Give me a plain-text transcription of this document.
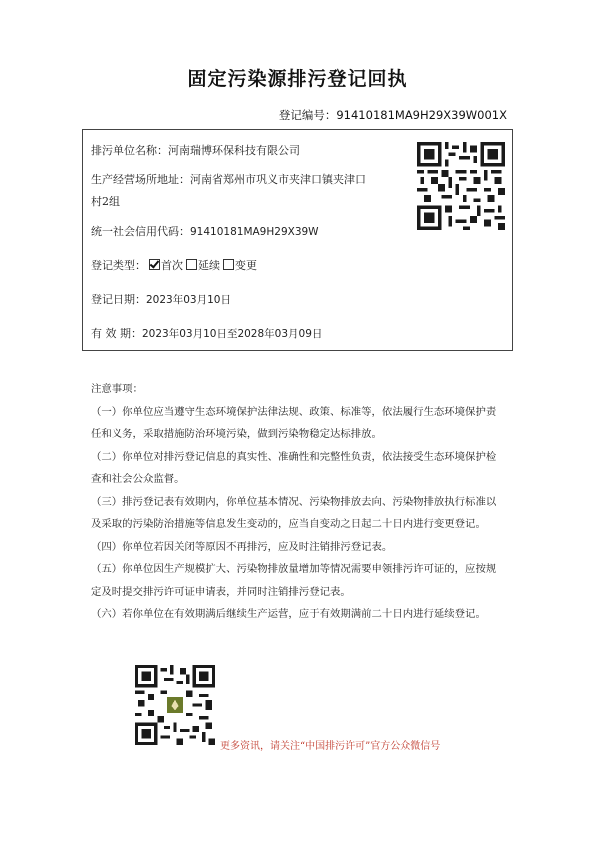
固定污染源排污登记回执
登记编号：91410181MA9H29X39W001X
排污单位名称：河南瑞博环保科技有限公司
生产经营场所地址：河南省郑州市巩义市夹津口镇夹津口
村2组
统一社会信用代码：91410181MA9H29X39W
登记类型： 首次 延续 变更
登记日期：2023年03月10日
有 效 期：2023年03月10日至2028年03月09日

注意事项：

（一）你单位应当遵守生态环境保护法律法规、政策、标准等，依法履行生态环境保护责

任和义务，采取措施防治环境污染，做到污染物稳定达标排放。

（二）你单位对排污登记信息的真实性、准确性和完整性负责，依法接受生态环境保护检

查和社会公众监督。

（三）排污登记表有效期内，你单位基本情况、污染物排放去向、污染物排放执行标准以

及采取的污染防治措施等信息发生变动的，应当自变动之日起二十日内进行变更登记。

（四）你单位若因关闭等原因不再排污，应及时注销排污登记表。

（五）你单位因生产规模扩大、污染物排放量增加等情况需要申领排污许可证的，应按规

定及时提交排污许可证申请表，并同时注销排污登记表。

（六）若你单位在有效期满后继续生产运营，应于有效期满前二十日内进行延续登记。

更多资讯，请关注“中国排污许可”官方公众微信号
